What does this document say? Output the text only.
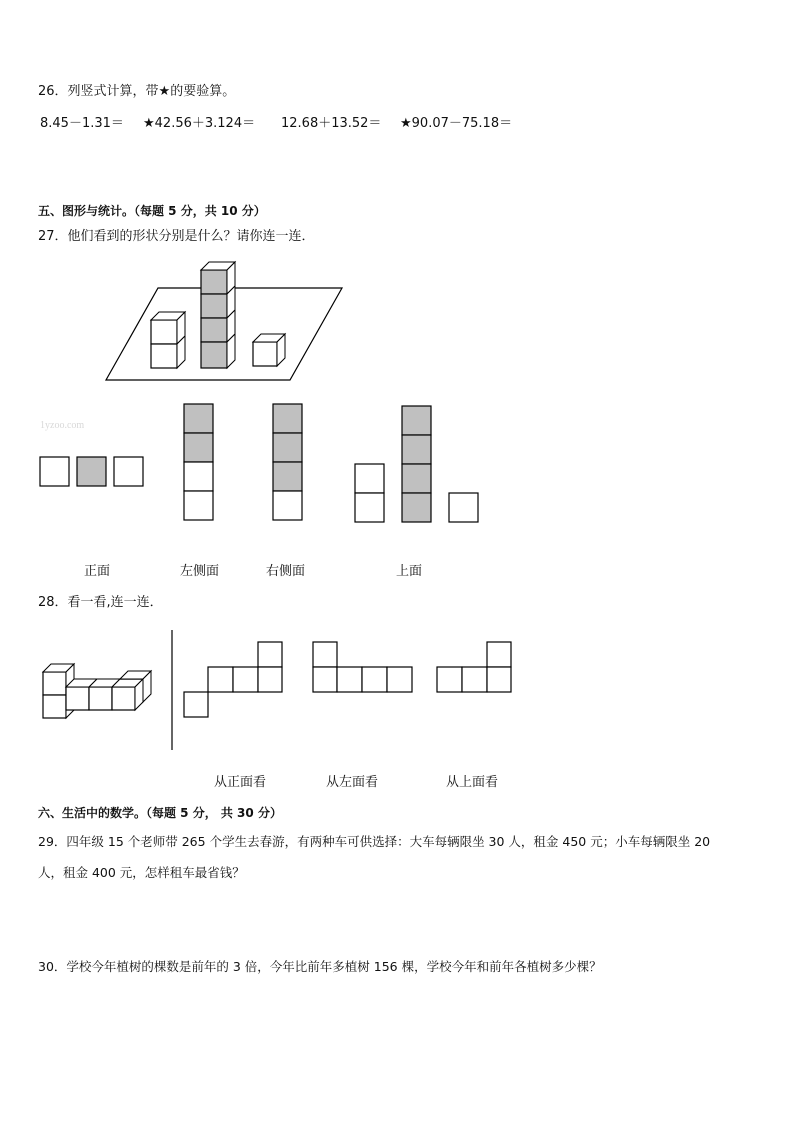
26．列竖式计算，带★的要验算。
8.45－1.31＝ ★42.56＋3.124＝ 12.68＋13.52＝ ★90.07－75.18＝
五、图形与统计。（每题 5 分，共 10 分）
27．他们看到的形状分别是什么？请你连一连．
1yzoo.com
正面	左侧面	右侧面	上面
28．看一看,连一连．
从正面看	从左面看	从上面看
六、生活中的数学。（每题 5 分， 共 30 分）
29．四年级 15 个老师带 265 个学生去春游，有两种车可供选择：大车每辆限坐 30 人，租金 450 元；小车每辆限坐 20
人，租金 400 元，怎样租车最省钱？
30．学校今年植树的棵数是前年的 3 倍，今年比前年多植树 156 棵，学校今年和前年各植树多少棵？
